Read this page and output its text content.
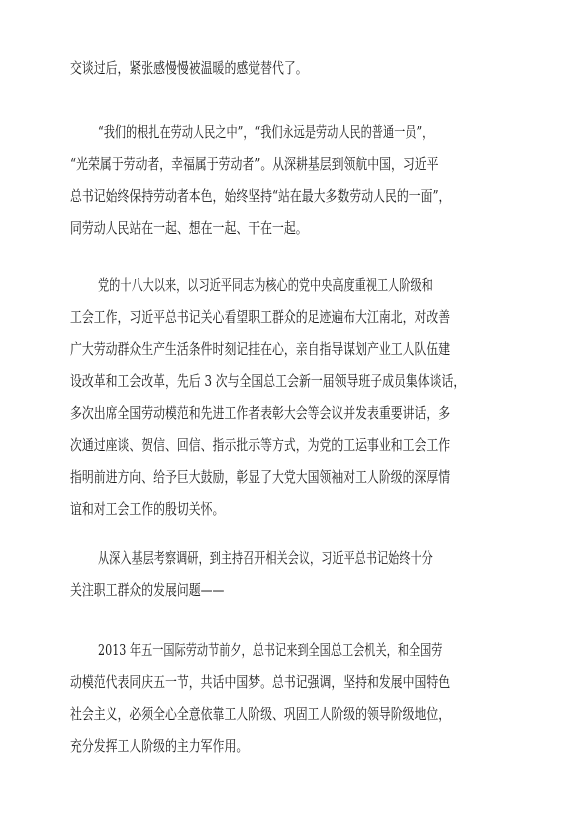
交谈过后，紧张感慢慢被温暖的感觉替代了。
“我们的根扎在劳动人民之中”，“我们永远是劳动人民的普通一员”，
“光荣属于劳动者，幸福属于劳动者”。从深耕基层到领航中国，习近平
总书记始终保持劳动者本色，始终坚持“站在最大多数劳动人民的一面”，
同劳动人民站在一起、想在一起、干在一起。
党的十八大以来，以习近平同志为核心的党中央高度重视工人阶级和
工会工作，习近平总书记关心看望职工群众的足迹遍布大江南北，对改善
广大劳动群众生产生活条件时刻记挂在心，亲自指导谋划产业工人队伍建
设改革和工会改革，先后 3 次与全国总工会新一届领导班子成员集体谈话，
多次出席全国劳动模范和先进工作者表彰大会等会议并发表重要讲话，多
次通过座谈、贺信、回信、指示批示等方式，为党的工运事业和工会工作
指明前进方向、给予巨大鼓励，彰显了大党大国领袖对工人阶级的深厚情
谊和对工会工作的殷切关怀。
从深入基层考察调研，到主持召开相关会议，习近平总书记始终十分
关注职工群众的发展问题——
2013 年五一国际劳动节前夕，总书记来到全国总工会机关，和全国劳
动模范代表同庆五一节，共话中国梦。总书记强调，坚持和发展中国特色
社会主义，必须全心全意依靠工人阶级、巩固工人阶级的领导阶级地位，
充分发挥工人阶级的主力军作用。
